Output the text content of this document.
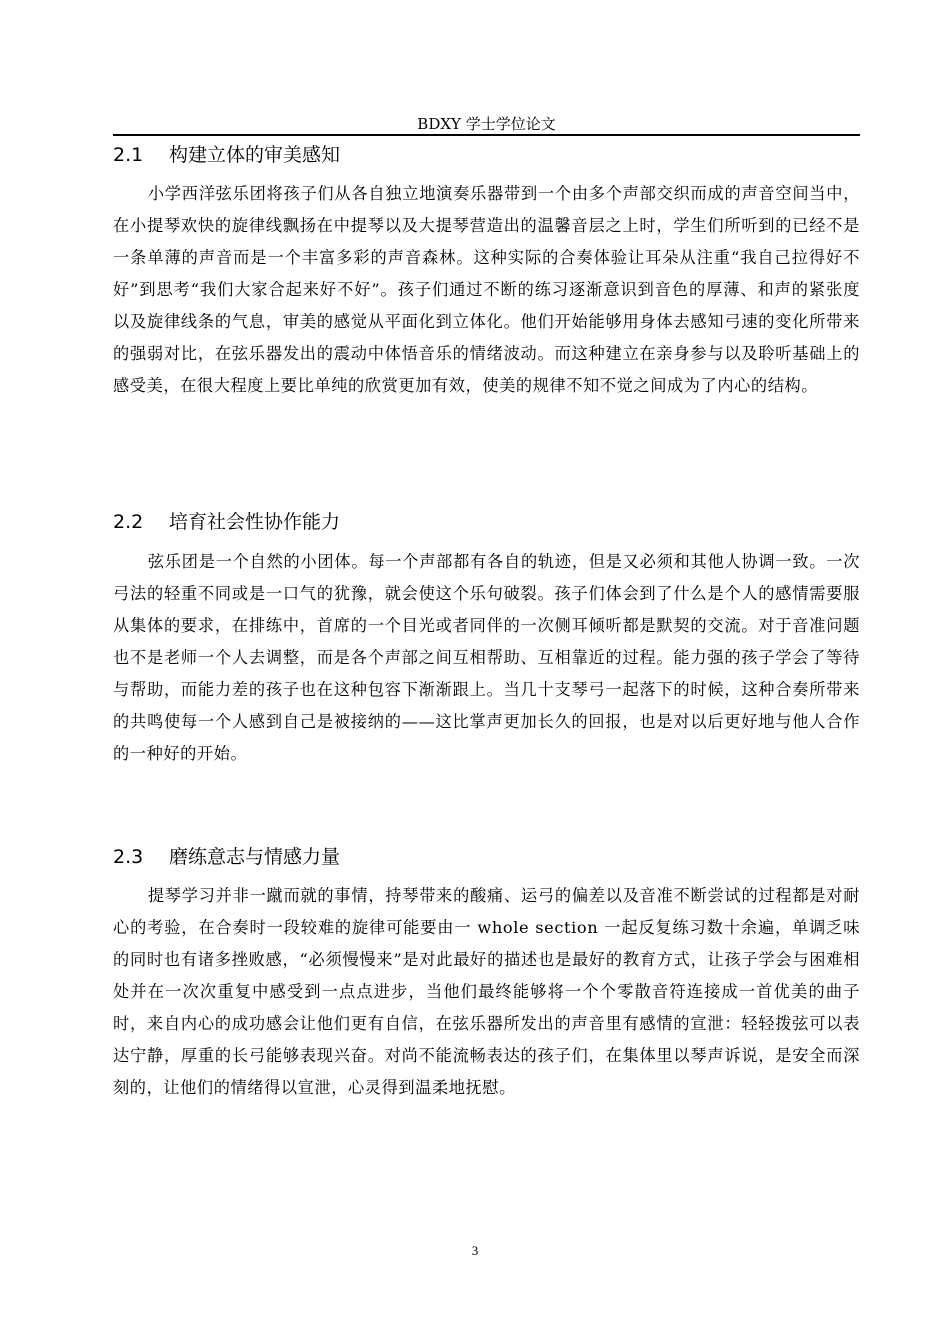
BDXY 学士学位论文
2.1 构建立体的审美感知

小学西洋弦乐团将孩子们从各自独立地演奏乐器带到一个由多个声部交织而成的声音空间当中，在小提琴欢快的旋律线飘扬在中提琴以及大提琴营造出的温馨音层之上时，学生们所听到的已经不是一条单薄的声音而是一个丰富多彩的声音森林。这种实际的合奏体验让耳朵从注重“我自己拉得好不好”到思考“我们大家合起来好不好”。孩子们通过不断的练习逐渐意识到音色的厚薄、和声的紧张度以及旋律线条的气息，审美的感觉从平面化到立体化。他们开始能够用身体去感知弓速的变化所带来的强弱对比，在弦乐器发出的震动中体悟音乐的情绪波动。而这种建立在亲身参与以及聆听基础上的感受美，在很大程度上要比单纯的欣赏更加有效，使美的规律不知不觉之间成为了内心的结构。

2.2 培育社会性协作能力

弦乐团是一个自然的小团体。每一个声部都有各自的轨迹，但是又必须和其他人协调一致。一次弓法的轻重不同或是一口气的犹豫，就会使这个乐句破裂。孩子们体会到了什么是个人的感情需要服从集体的要求，在排练中，首席的一个目光或者同伴的一次侧耳倾听都是默契的交流。对于音准问题也不是老师一个人去调整，而是各个声部之间互相帮助、互相靠近的过程。能力强的孩子学会了等待与帮助，而能力差的孩子也在这种包容下渐渐跟上。当几十支琴弓一起落下的时候，这种合奏所带来的共鸣使每一个人感到自己是被接纳的——这比掌声更加长久的回报，也是对以后更好地与他人合作的一种好的开始。

2.3 磨练意志与情感力量

提琴学习并非一蹴而就的事情，持琴带来的酸痛、运弓的偏差以及音准不断尝试的过程都是对耐心的考验，在合奏时一段较难的旋律可能要由一 whole section 一起反复练习数十余遍，单调乏味的同时也有诸多挫败感，“必须慢慢来”是对此最好的描述也是最好的教育方式，让孩子学会与困难相处并在一次次重复中感受到一点点进步，当他们最终能够将一个个零散音符连接成一首优美的曲子时，来自内心的成功感会让他们更有自信，在弦乐器所发出的声音里有感情的宣泄：轻轻拨弦可以表达宁静，厚重的长弓能够表现兴奋。对尚不能流畅表达的孩子们，在集体里以琴声诉说，是安全而深刻的，让他们的情绪得以宣泄，心灵得到温柔地抚慰。

3
